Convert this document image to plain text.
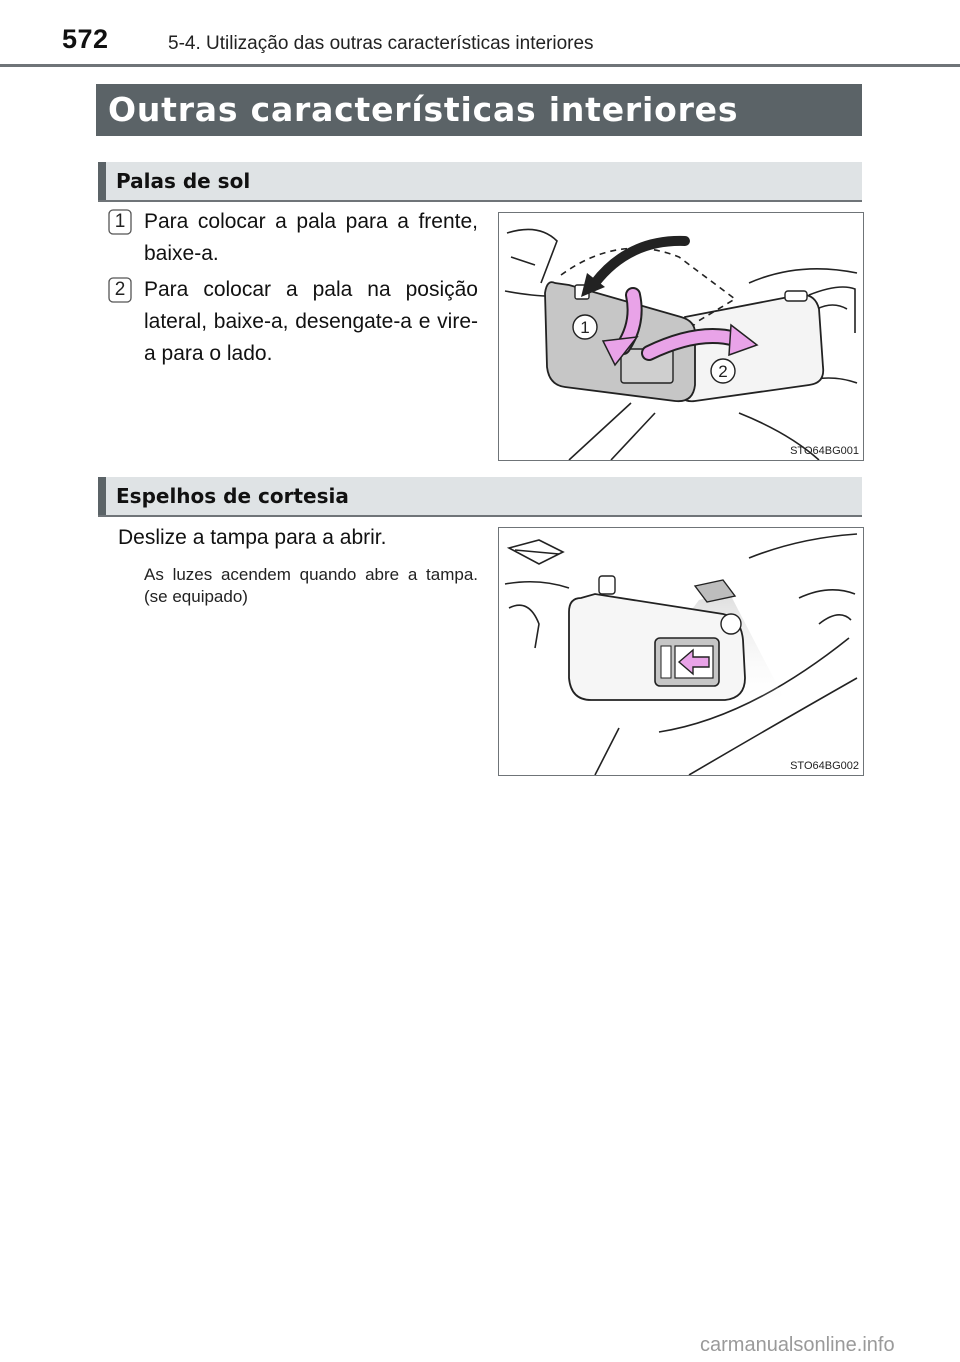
572	5-4. Utilização das outras características interiores
Outras características interiores
Palas de sol
1 Para colocar a pala para a frente, baixe-a.
2 Para colocar a pala na posição lateral, baixe-a, desengate-a e vire-a para o lado.
1
2
STO64BG001
Espelhos de cortesia
Deslize a tampa para a abrir.
As luzes acendem quando abre a tampa. (se equipado)
STO64BG002
carmanualsonline.info
